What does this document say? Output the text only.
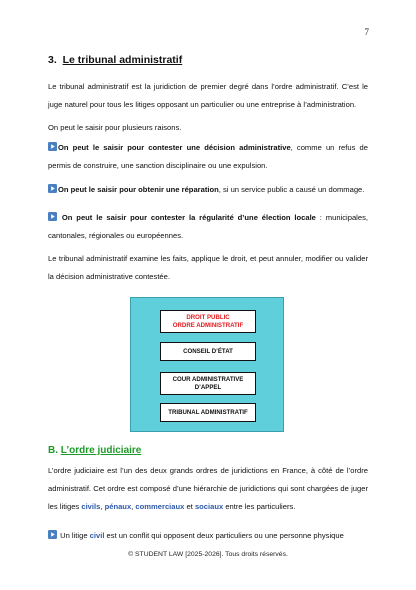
7
3. Le tribunal administratif
Le tribunal administratif est la juridiction de premier degré dans l’ordre administratif. C’est le juge naturel pour tous les litiges opposant un particulier ou une entreprise à l’administration.
On peut le saisir pour plusieurs raisons.
On peut le saisir pour contester une décision administrative, comme un refus de permis de construire, une sanction disciplinaire ou une expulsion.
On peut le saisir pour obtenir une réparation, si un service public a causé un dommage.
On peut le saisir pour contester la régularité d’une élection locale : municipales, cantonales, régionales ou européennes.
Le tribunal administratif examine les faits, applique le droit, et peut annuler, modifier ou valider la décision administrative contestée.
DROIT PUBLIC
ORDRE ADMINISTRATIF
CONSEIL D’ÉTAT
COUR ADMINISTRATIVE
D’APPEL
TRIBUNAL ADMINISTRATIF
B. L’ordre judiciaire
L’ordre judiciaire est l’un des deux grands ordres de juridictions en France, à côté de l’ordre administratif. Cet ordre est composé d’une hiérarchie de juridictions qui sont chargées de juger les litiges civils, pénaux, commerciaux et sociaux entre les particuliers.
Un litige civil est un conflit qui opposent deux particuliers ou une personne physique
© STUDENT LAW [2025-2026]. Tous droits réservés.
